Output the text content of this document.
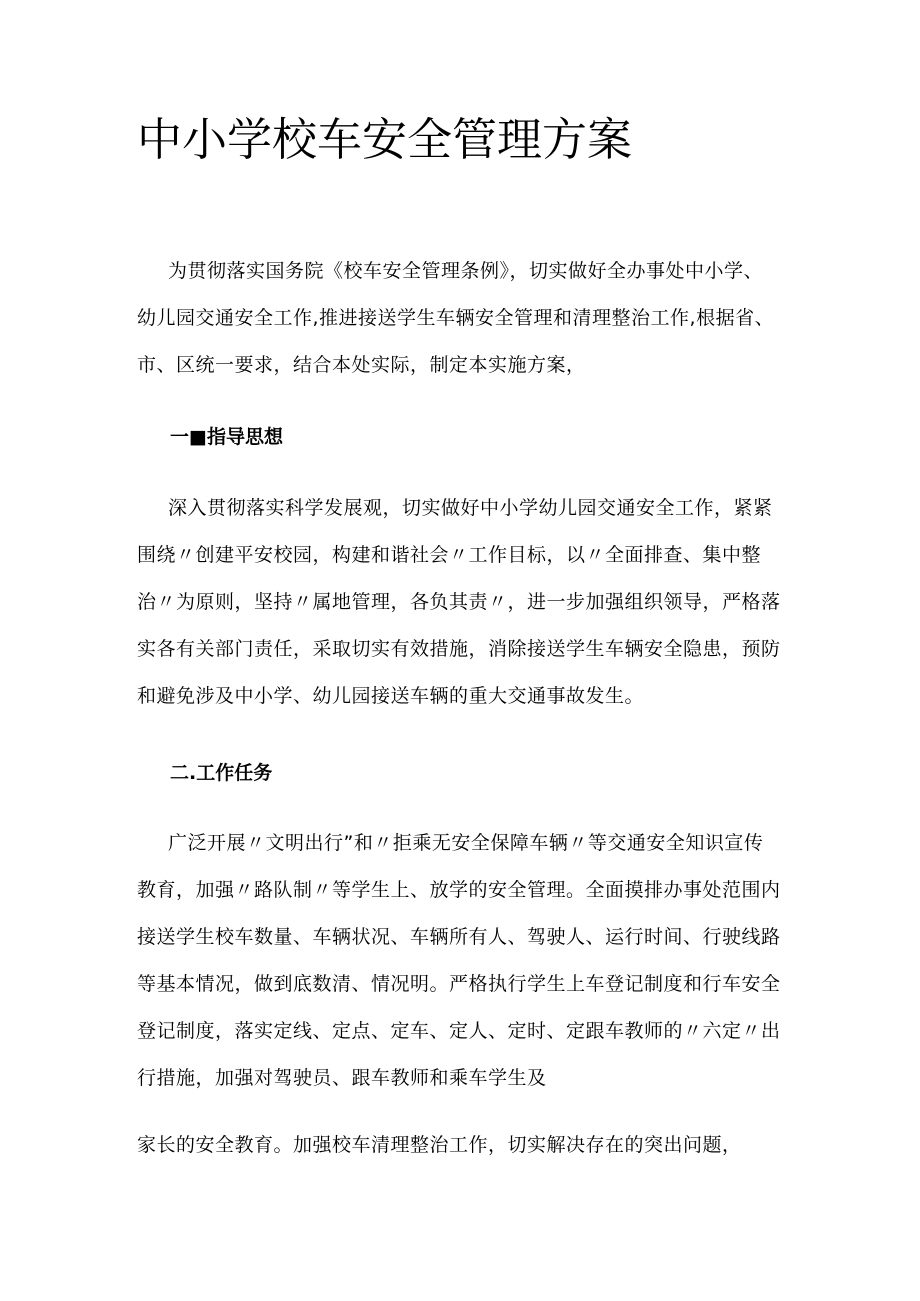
中小学校车安全管理方案
为贯彻落实国务院《校车安全管理条例》，切实做好全办事处中小学、
幼儿园交通安全工作,推进接送学生车辆安全管理和清理整治工作,根据省、
市、区统一要求，结合本处实际，制定本实施方案，
一■指导思想
深入贯彻落实科学发展观，切实做好中小学幼儿园交通安全工作，紧紧
围绕〃创建平安校园，构建和谐社会〃工作目标，以〃全面排查、集中整
治〃为原则，坚持〃属地管理，各负其责〃，进一步加强组织领导，严格落
实各有关部门责任，采取切实有效措施，消除接送学生车辆安全隐患，预防
和避免涉及中小学、幼儿园接送车辆的重大交通事故发生。
二.工作任务
广泛开展〃文明出行”和〃拒乘无安全保障车辆〃等交通安全知识宣传
教育，加强〃路队制〃等学生上、放学的安全管理。全面摸排办事处范围内
接送学生校车数量、车辆状况、车辆所有人、驾驶人、运行时间、行驶线路
等基本情况，做到底数清、情况明。严格执行学生上车登记制度和行车安全
登记制度，落实定线、定点、定车、定人、定时、定跟车教师的〃六定〃出
行措施，加强对驾驶员、跟车教师和乘车学生及
家长的安全教育。加强校车清理整治工作，切实解决存在的突出问题，
